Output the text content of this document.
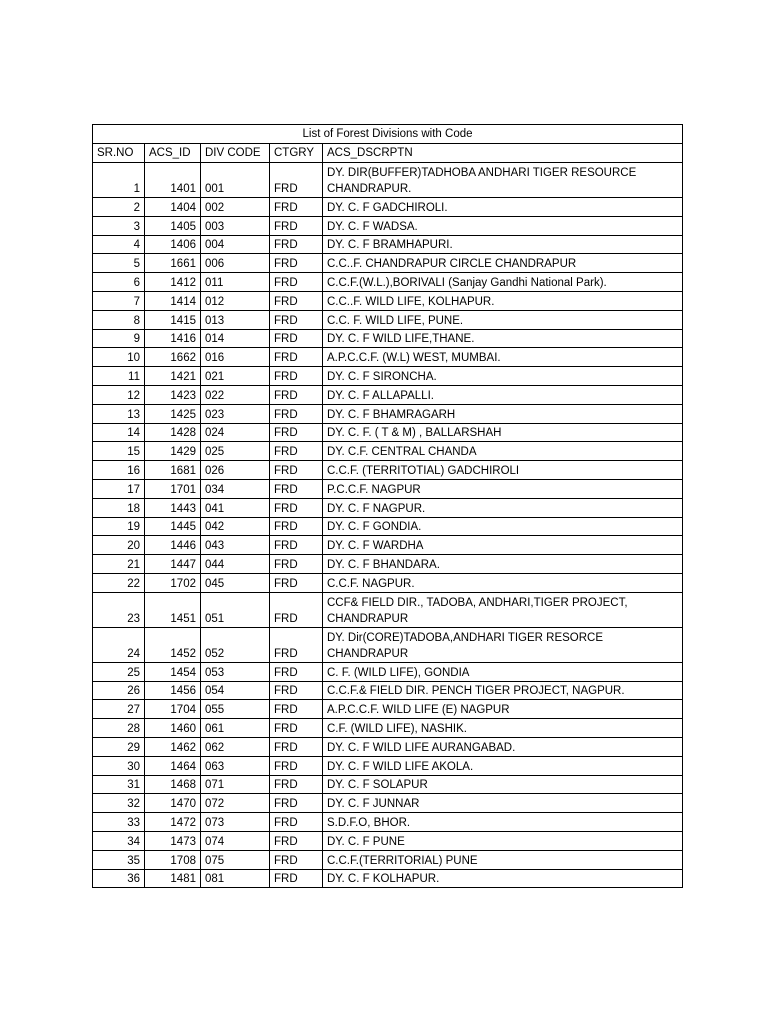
List of Forest Divisions with Code				
SR.NO	ACS_ID	DIV CODE	CTGRY	ACS_DSCRPTN
1	1401	001	FRD	DY. DIR(BUFFER)TADHOBA ANDHARI TIGER RESOURCE CHANDRAPUR.
2	1404	002	FRD	DY. C. F GADCHIROLI.
3	1405	003	FRD	DY. C. F WADSA.
4	1406	004	FRD	DY. C. F BRAMHAPURI.
5	1661	006	FRD	C.C..F. CHANDRAPUR CIRCLE CHANDRAPUR
6	1412	011	FRD	C.C.F.(W.L.),BORIVALI (Sanjay Gandhi National Park).
7	1414	012	FRD	C.C..F. WILD LIFE, KOLHAPUR.
8	1415	013	FRD	C.C. F. WILD LIFE, PUNE.
9	1416	014	FRD	DY. C. F WILD LIFE,THANE.
10	1662	016	FRD	A.P.C.C.F. (W.L) WEST, MUMBAI.
11	1421	021	FRD	DY. C. F SIRONCHA.
12	1423	022	FRD	DY. C. F ALLAPALLI.
13	1425	023	FRD	DY. C. F BHAMRAGARH
14	1428	024	FRD	DY. C. F. ( T & M) , BALLARSHAH
15	1429	025	FRD	DY. C.F. CENTRAL CHANDA
16	1681	026	FRD	C.C.F. (TERRITOTIAL) GADCHIROLI
17	1701	034	FRD	P.C.C.F. NAGPUR
18	1443	041	FRD	DY. C. F NAGPUR.
19	1445	042	FRD	DY. C. F GONDIA.
20	1446	043	FRD	DY. C. F WARDHA
21	1447	044	FRD	DY. C. F BHANDARA.
22	1702	045	FRD	C.C.F. NAGPUR.
23	1451	051	FRD	CCF& FIELD DIR., TADOBA, ANDHARI,TIGER PROJECT, CHANDRAPUR
24	1452	052	FRD	DY. Dir(CORE)TADOBA,ANDHARI TIGER RESORCE CHANDRAPUR
25	1454	053	FRD	C. F. (WILD LIFE), GONDIA
26	1456	054	FRD	C.C.F.& FIELD DIR. PENCH TIGER PROJECT, NAGPUR.
27	1704	055	FRD	A.P.C.C.F. WILD LIFE (E) NAGPUR
28	1460	061	FRD	C.F. (WILD LIFE), NASHIK.
29	1462	062	FRD	DY. C. F WILD LIFE AURANGABAD.
30	1464	063	FRD	DY. C. F WILD LIFE AKOLA.
31	1468	071	FRD	DY. C. F SOLAPUR
32	1470	072	FRD	DY. C. F JUNNAR
33	1472	073	FRD	S.D.F.O, BHOR.
34	1473	074	FRD	DY. C. F PUNE
35	1708	075	FRD	C.C.F.(TERRITORIAL) PUNE
36	1481	081	FRD	DY. C. F KOLHAPUR.
